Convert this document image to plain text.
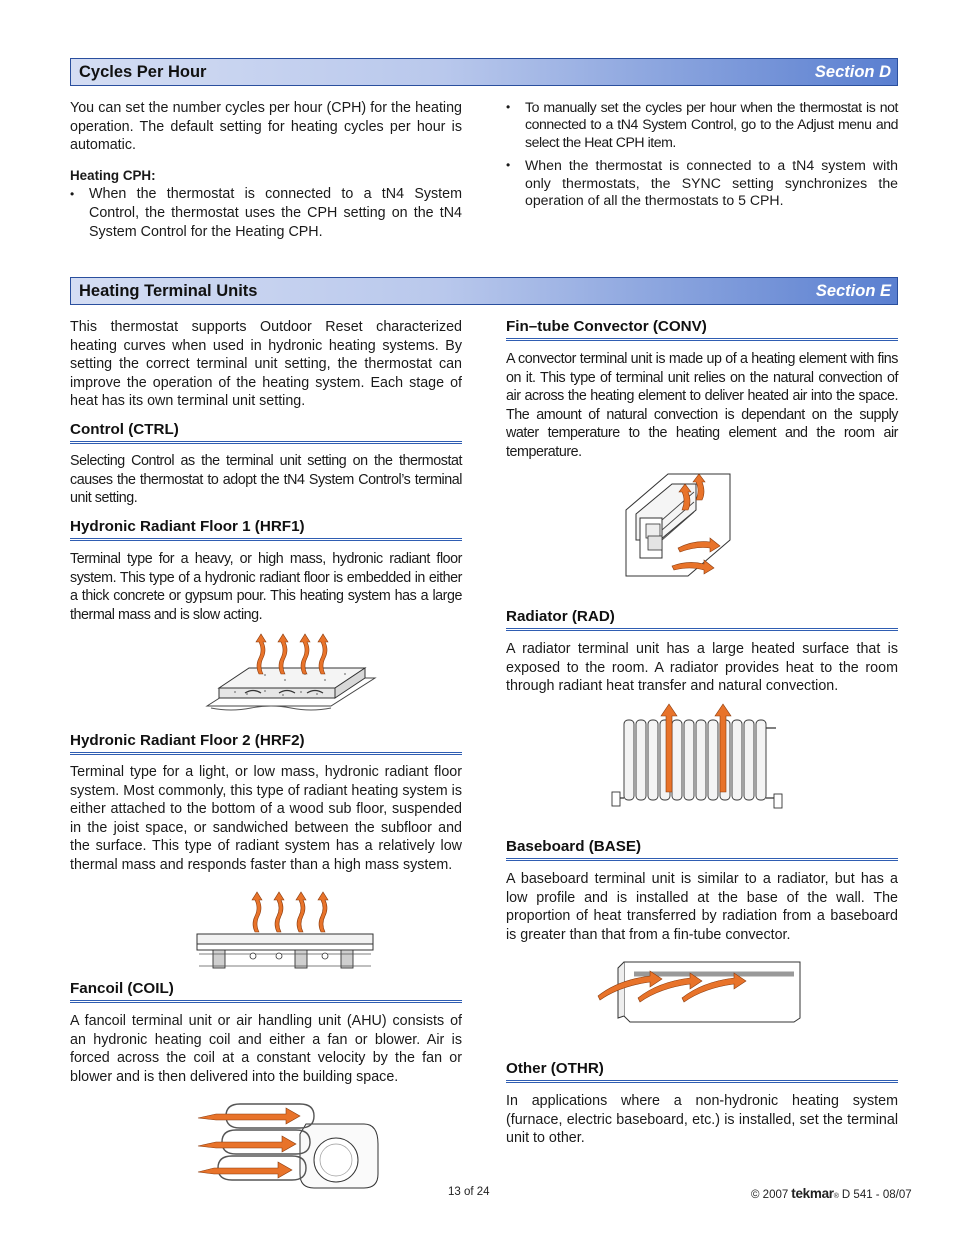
Cycles Per Hour	Section D

You can set the number cycles per hour (CPH) for the heating operation. The default setting for heating cycles per hour is automatic.

Heating CPH:

• When the thermostat is connected to a tN4 System Control, the thermostat uses the CPH setting on the tN4 System Control for the Heating CPH.
• To manually set the cycles per hour when the thermostat is not connected to a tN4 System Control, go to the Adjust menu and select the Heat CPH item.
• When the thermostat is connected to a tN4 system with only thermostats, the SYNC setting synchronizes the operation of all the thermostats to 5 CPH.
Heating Terminal Units	Section E

This thermostat supports Outdoor Reset characterized heating curves when used in hydronic heating systems. By setting the correct terminal unit setting, the thermostat can improve the operation of the heating system. Each stage of heat has its own terminal unit setting.

Control (CTRL)

Selecting Control as the terminal unit setting on the thermostat causes the thermostat to adopt the tN4 System Control’s terminal unit setting.

Hydronic Radiant Floor 1 (HRF1)

Terminal type for a heavy, or high mass, hydronic radiant floor system. This type of a hydronic radiant floor is embedded in either a thick concrete or gypsum pour. This heating system has a large thermal mass and is slow acting.

Hydronic Radiant Floor 2 (HRF2)

Terminal type for a light, or low mass, hydronic radiant floor system. Most commonly, this type of radiant heating system is either attached to the bottom of a wood sub floor, suspended in the joist space, or sandwiched between the subfloor and the surface. This type of radiant system has a relatively low thermal mass and responds faster than a high mass system.

Fancoil (COIL)

A fancoil terminal unit or air handling unit (AHU) consists of an hydronic heating coil and either a fan or blower. Air is forced across the coil at a constant velocity by the fan or blower and is then delivered into the building space.

Fin–tube Convector (CONV)

A convector terminal unit is made up of a heating element with fins on it. This type of terminal unit relies on the natural convection of air across the heating element to deliver heated air into the space. The amount of natural convection is dependant on the supply water temperature to the heating element and the room air temperature.

Radiator (RAD)

A radiator terminal unit has a large heated surface that is exposed to the room. A radiator provides heat to the room through radiant heat transfer and natural convection.

Baseboard (BASE)

A baseboard terminal unit is similar to a radiator, but has a low profile and is installed at the base of the wall. The proportion of heat transferred by radiation from a baseboard is greater than that from a fin-tube convector.

Other (OTHR)

In applications where a non-hydronic heating system (furnace, electric baseboard, etc.) is installed, set the terminal unit to other.

13 of 24	© 2007 tekmar ® D 541 - 08/07
